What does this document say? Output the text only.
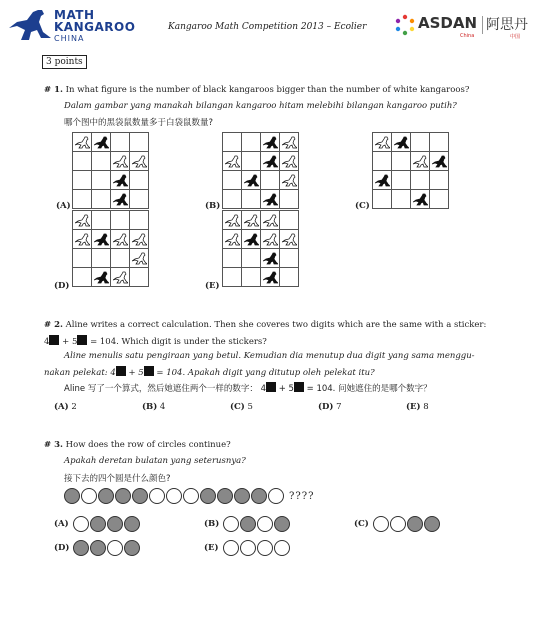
MATH
KANGAROO
CHINA
Kangaroo Math Competition 2013 – Ecolier	ASDAN 阿思丹
China	中国
3 points
# 1. In what figure is the number of black kangaroos bigger than the number of white kangaroos?
Dalam gambar yang manakah bilangan kangaroo hitam melebihi bilangan kangaroo putih?
哪个图中的黑袋鼠数量多于白袋鼠数量?
(A)	(B)	(C)
(D)	(E)
# 2. Aline writes a correct calculation. Then she coveres two digits which are the same with a sticker:
4 + 5 = 104. Which digit is under the stickers?
Aline menulis satu pengiraan yang betul. Kemudian dia menutup dua digit yang sama menggu-
nakan pelekat: 4 + 5 = 104. Apakah digit yang ditutup oleh pelekat itu?
Aline 写了一个算式，然后她遮住两个一样的数字： 4 + 5 = 104. 问她遮住的是哪个数字？
(A) 2	(B) 4	(C) 5	(D) 7	(E) 8
# 3. How does the row of circles continue?
Apakah deretan bulatan yang seterusnya?
接下去的四个圆是什么颜色?
????
(A)	(B)	(C)
(D)	(E)
